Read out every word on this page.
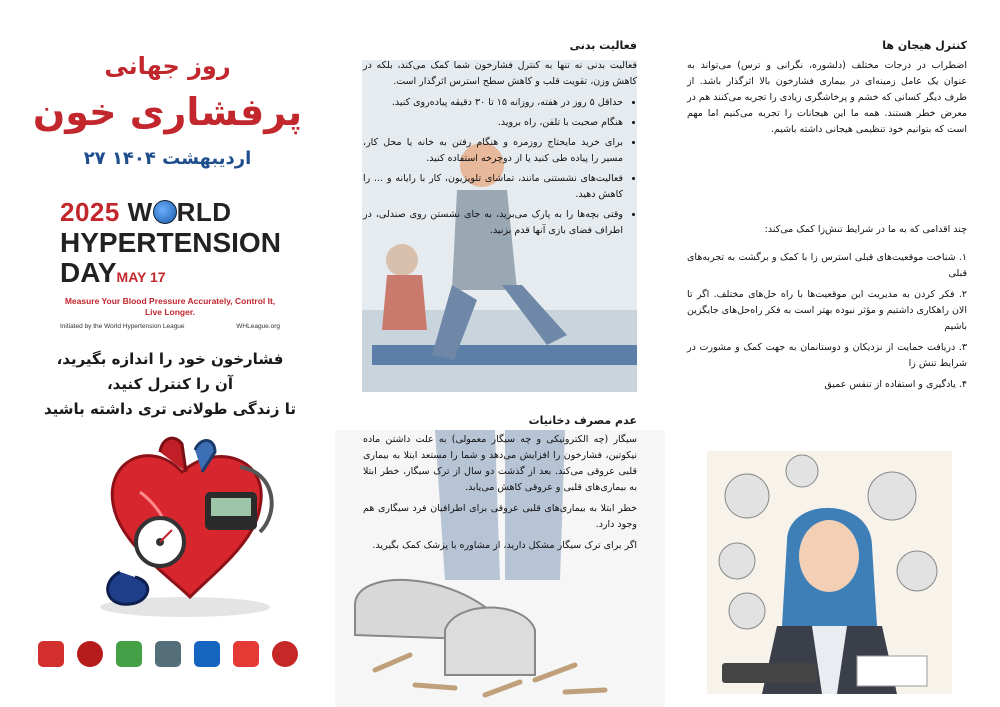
روز جهانی
پرفشاری خون
۲۷ اردیبهشت ۱۴۰۴
2025 W RLD
HYPERTENSION
DAYMAY 17
Measure Your Blood Pressure Accurately, Control It, Live Longer.
Initiated by the World Hypertension League	WHLeague.org
فشارخون خود را اندازه بگیرید،
آن را کنترل کنید،
تا زندگی طولانی تری داشته باشید
فعالیت بدنی

فعالیت بدنی نه تنها به کنترل فشارخون شما کمک می‌کند، بلکه در کاهش وزن، تقویت قلب و کاهش سطح استرس اثرگذار است.

• حداقل ۵ روز در هفته، روزانه ۱۵ تا ۳۰ دقیقه پیاده‌روی کنید.
• هنگام صحبت با تلفن، راه بروید.
• برای خرید مایحتاج روزمره و هنگام رفتن به خانه یا محل کار، مسیر را پیاده طی کنید یا از دوچرخه استفاده کنید.
• فعالیت‌های نشستنی مانند، تماشای تلویزیون، کار با رایانه و ... را کاهش دهید.
• وقتی بچه‌ها را به پارک می‌برید، به جای نشستن روی صندلی، در اطراف فضای بازی آنها قدم بزنید.
عدم مصرف دخانیات

سیگار (چه الکترونیکی و چه سیگار معمولی) به علت داشتن ماده نیکوتین، فشارخون را افزایش می‌دهد و شما را مستعد ابتلا به بیماری قلبی عروقی می‌کند. بعد از گذشت دو سال از ترک سیگار، خطر ابتلا به بیماری‌های قلبی و عروقی کاهش می‌یابد.

خطر ابتلا به بیماری‌های قلبی عروقی برای اطرافیان فرد سیگاری هم وجود دارد.

اگر برای ترک سیگار مشکل دارید، از مشاوره با پزشک کمک بگیرید.

کنترل هیجان ها
اضطراب در درجات مختلف (دلشوره، نگرانی و ترس) می‌تواند به عنوان یک عامل زمینه‌ای در بیماری فشارخون بالا اثرگذار باشد. از طرف دیگر کسانی که خشم و پرخاشگری زیادی را تجربه می‌کنند هم در معرض خطر هستند. همه ما این هیجانات را تجربه می‌کنیم اما مهم است که بتوانیم خود تنظیمی هیجانی داشته باشیم.

چند اقدامی که به ما در شرایط تنش‌زا کمک می‌کند:

۱. شناخت موقعیت‌های قبلی استرس زا با کمک و برگشت به تجربه‌های قبلی

۲. فکر کردن به مدیریت این موقعیت‌ها با راه حل‌های مختلف. اگر تا الان راهکاری داشتیم و مؤثر نبوده بهتر است به فکر راه‌حل‌های جایگزین باشیم

۳. دریافت حمایت از نزدیکان و دوستانمان به جهت کمک و مشورت در شرایط تنش زا

۴. یادگیری و استفاده از تنفس عمیق
